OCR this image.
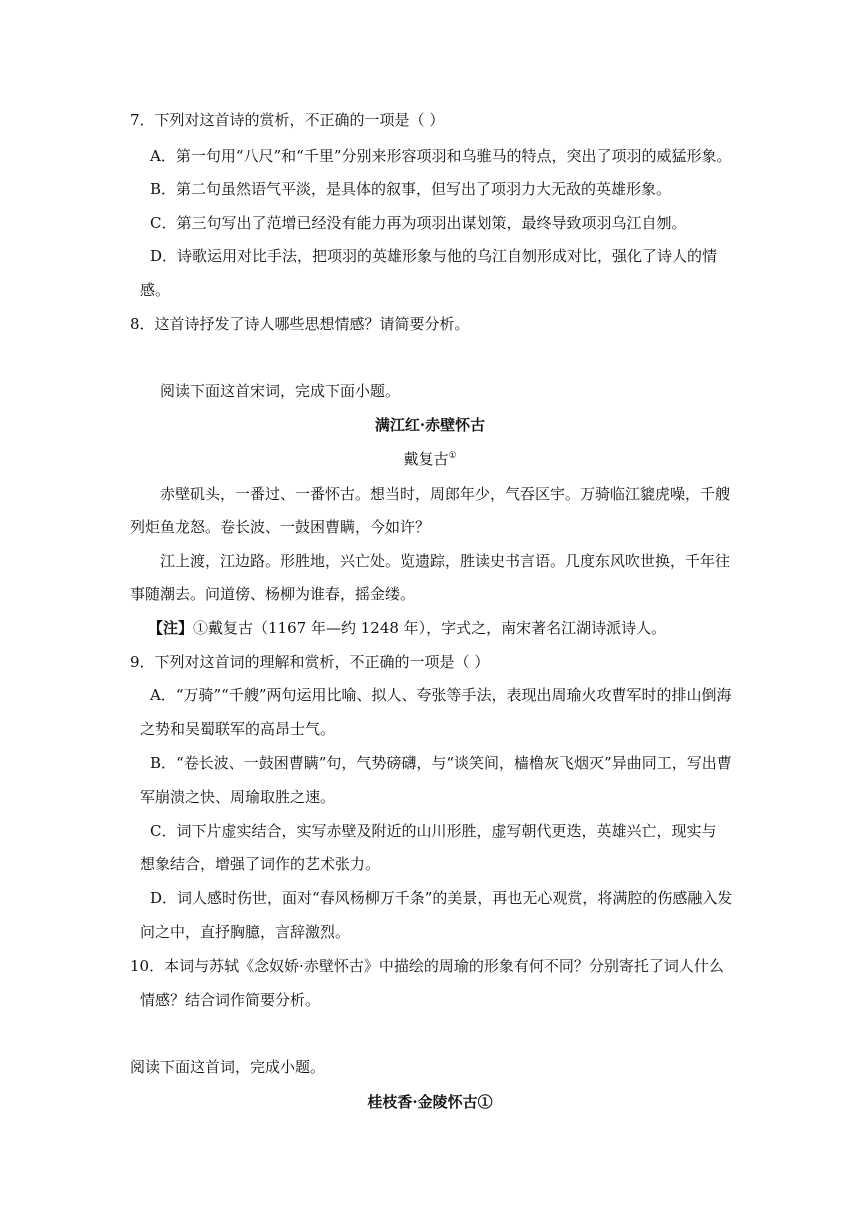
7．下列对这首诗的赏析，不正确的一项是（ ）
A．第一句用“八尺”和“千里”分别来形容项羽和乌骓马的特点，突出了项羽的威猛形象。
B．第二句虽然语气平淡，是具体的叙事，但写出了项羽力大无敌的英雄形象。
C．第三句写出了范增已经没有能力再为项羽出谋划策，最终导致项羽乌江自刎。
D．诗歌运用对比手法，把项羽的英雄形象与他的乌江自刎形成对比，强化了诗人的情
感。
8．这首诗抒发了诗人哪些思想情感？请简要分析。
阅读下面这首宋词，完成下面小题。
满江红·赤壁怀古
戴复古①
赤壁矶头，一番过、一番怀古。想当时，周郎年少，气吞区宇。万骑临江貔虎噪，千艘
列炬鱼龙怒。卷长波、一鼓困曹瞒，今如许？
江上渡，江边路。形胜地，兴亡处。览遗踪，胜读史书言语。几度东风吹世换，千年往
事随潮去。问道傍、杨柳为谁春，摇金缕。
【注】①戴复古（1167 年—约 1248 年），字式之，南宋著名江湖诗派诗人。
9．下列对这首词的理解和赏析，不正确的一项是（ ）
A．“万骑”“千艘”两句运用比喻、拟人、夸张等手法，表现出周瑜火攻曹军时的排山倒海
之势和吴蜀联军的高昂士气。
B．“卷长波、一鼓困曹瞒”句，气势磅礴，与“谈笑间，樯橹灰飞烟灭”异曲同工，写出曹
军崩溃之快、周瑜取胜之速。
C．词下片虚实结合，实写赤壁及附近的山川形胜，虚写朝代更迭，英雄兴亡，现实与
想象结合，增强了词作的艺术张力。
D．词人感时伤世，面对“春风杨柳万千条”的美景，再也无心观赏，将满腔的伤感融入发
问之中，直抒胸臆，言辞激烈。
10．本词与苏轼《念奴娇·赤壁怀古》中描绘的周瑜的形象有何不同？分别寄托了词人什么
情感？结合词作简要分析。
阅读下面这首词，完成小题。
桂枝香·金陵怀古①
